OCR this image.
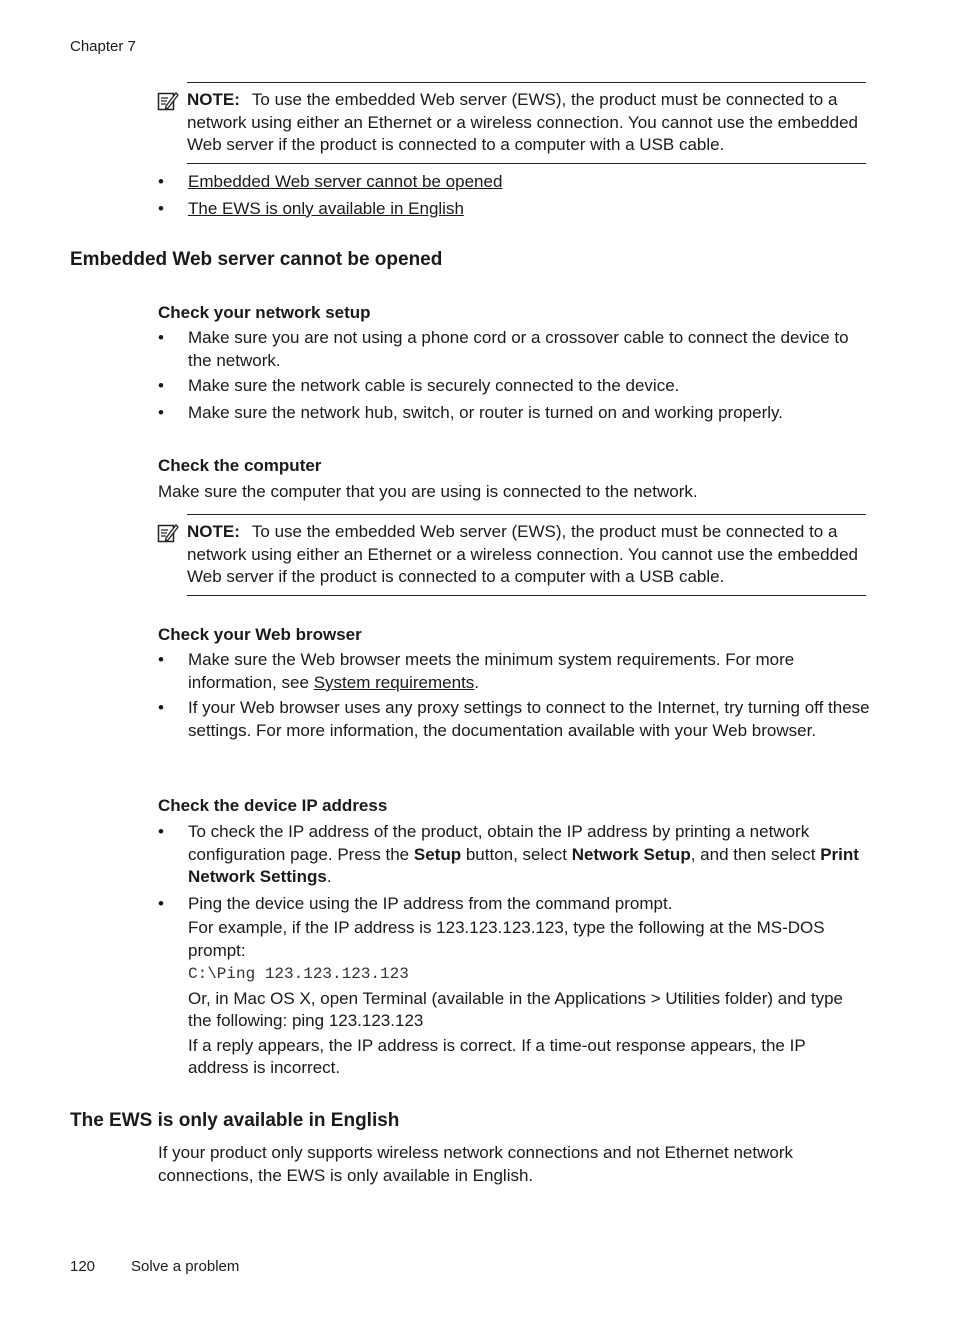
Chapter 7
NOTE: To use the embedded Web server (EWS), the product must be connected to a network using either an Ethernet or a wireless connection. You cannot use the embedded Web server if the product is connected to a computer with a USB cable.
• Embedded Web server cannot be opened
• The EWS is only available in English
Embedded Web server cannot be opened
Check your network setup
• Make sure you are not using a phone cord or a crossover cable to connect the device to the network.
• Make sure the network cable is securely connected to the device.
• Make sure the network hub, switch, or router is turned on and working properly.
Check the computer
Make sure the computer that you are using is connected to the network.
NOTE: To use the embedded Web server (EWS), the product must be connected to a network using either an Ethernet or a wireless connection. You cannot use the embedded Web server if the product is connected to a computer with a USB cable.
Check your Web browser
• Make sure the Web browser meets the minimum system requirements. For more information, see System requirements.
• If your Web browser uses any proxy settings to connect to the Internet, try turning off these settings. For more information, the documentation available with your Web browser.
Check the device IP address
• To check the IP address of the product, obtain the IP address by printing a network configuration page. Press the Setup button, select Network Setup, and then select Print Network Settings.
• Ping the device using the IP address from the command prompt.
For example, if the IP address is 123.123.123.123, type the following at the MS-DOS prompt:
C:\Ping 123.123.123.123
Or, in Mac OS X, open Terminal (available in the Applications > Utilities folder) and type the following: ping 123.123.123
If a reply appears, the IP address is correct. If a time-out response appears, the IP address is incorrect.
The EWS is only available in English
If your product only supports wireless network connections and not Ethernet network connections, the EWS is only available in English.
120 Solve a problem
